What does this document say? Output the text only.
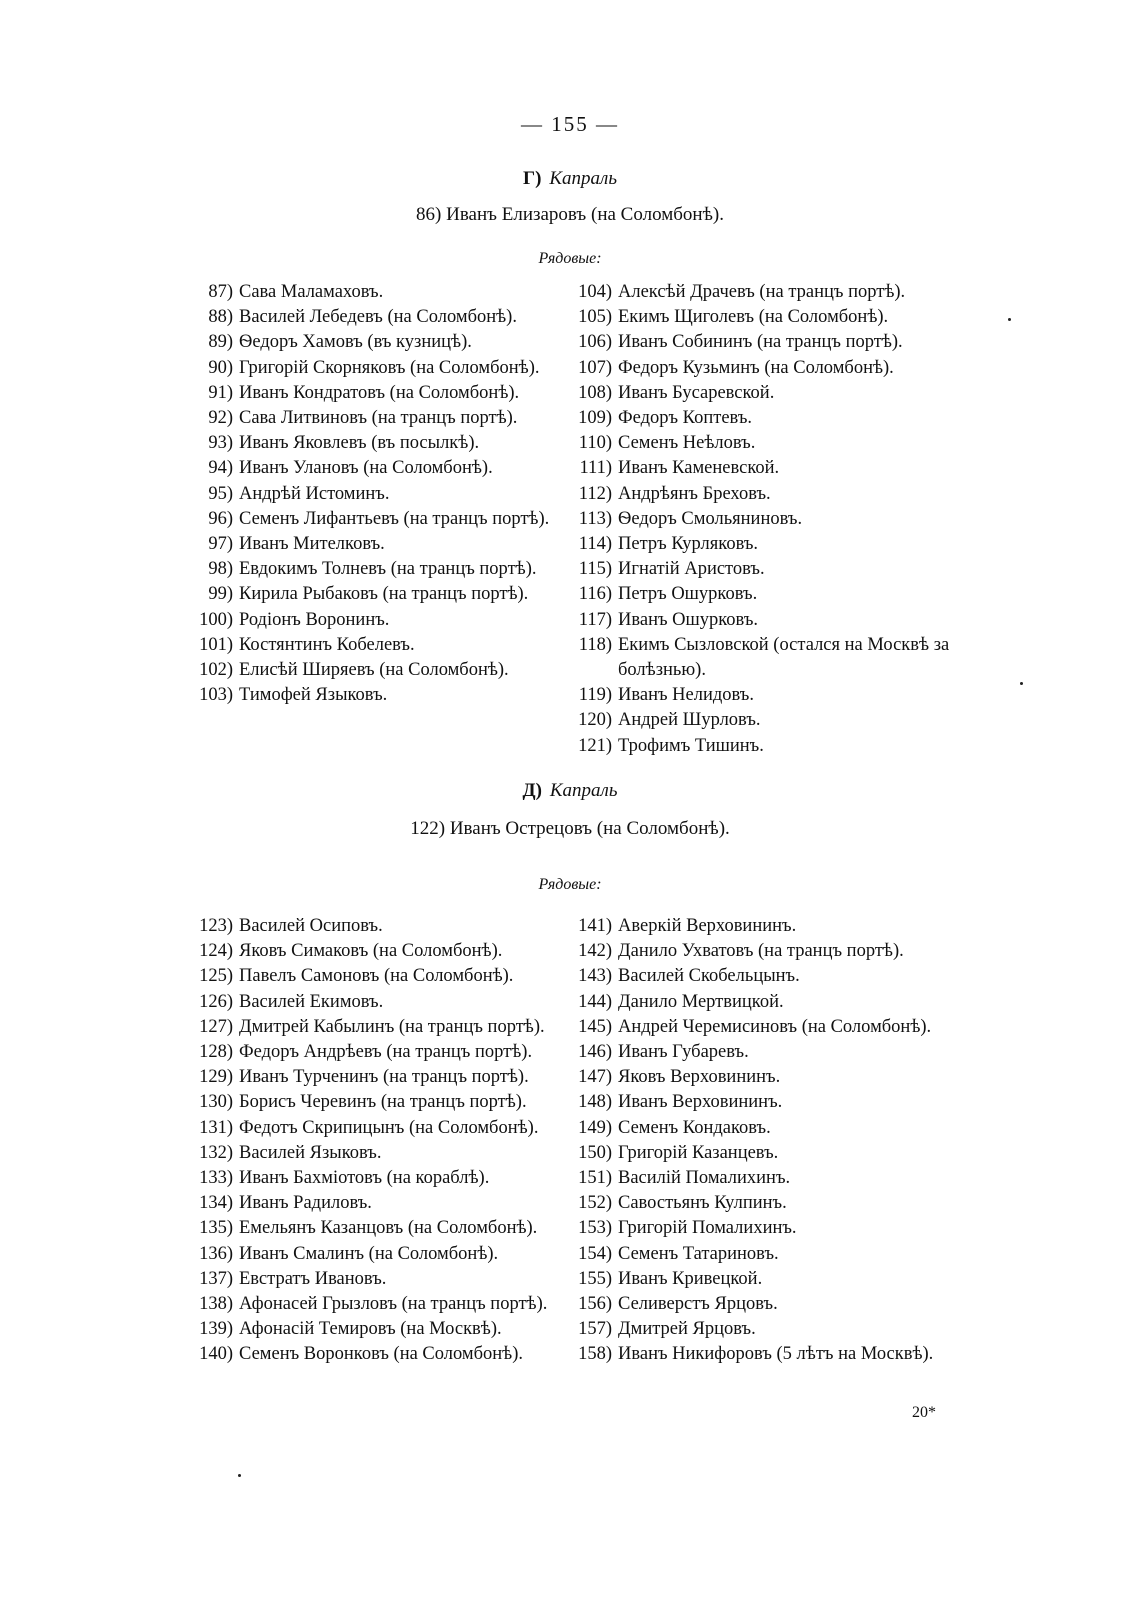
— 155 —
Г) Капраль
86) Иванъ Елизаровъ (на Соломбонѣ).
Рядовые:
87) Сава Маламаховъ.
88) Василей Лебедевъ (на Соломбонѣ).
89) Ѳедоръ Хамовъ (въ кузницѣ).
90) Григорій Скорняковъ (на Соломбонѣ).
91) Иванъ Кондратовъ (на Соломбонѣ).
92) Сава Литвиновъ (на транцъ портѣ).
93) Иванъ Яковлевъ (въ посылкѣ).
94) Иванъ Улановъ (на Соломбонѣ).
95) Андрѣй Истоминъ.
96) Семенъ Лифантьевъ (на транцъ портѣ).
97) Иванъ Мителковъ.
98) Евдокимъ Толневъ (на транцъ портѣ).
99) Кирила Рыбаковъ (на транцъ портѣ).
100) Родіонъ Воронинъ.
101) Костянтинъ Кобелевъ.
102) Елисѣй Ширяевъ (на Соломбонѣ).
103) Тимофей Языковъ.
104) Алексѣй Драчевъ (на транцъ портѣ).
105) Екимъ Щиголевъ (на Соломбонѣ).
106) Иванъ Собининъ (на транцъ портѣ).
107) Федоръ Кузьминъ (на Соломбонѣ).
108) Иванъ Бусаревской.
109) Федоръ Коптевъ.
110) Семенъ Неѣловъ.
111) Иванъ Каменевской.
112) Андрѣянъ Бреховъ.
113) Ѳедоръ Смольяниновъ.
114) Петръ Курляковъ.
115) Игнатій Аристовъ.
116) Петръ Ошурковъ.
117) Иванъ Ошурковъ.
118) Екимъ Сызловской (остался на Москвѣ за болѣзнью).
119) Иванъ Нелидовъ.
120) Андрей Шурловъ.
121) Трофимъ Тишинъ.
Д) Капраль
122) Иванъ Острецовъ (на Соломбонѣ).
Рядовые:
123) Василей Осиповъ.
124) Яковъ Симаковъ (на Соломбонѣ).
125) Павелъ Самоновъ (на Соломбонѣ).
126) Василей Екимовъ.
127) Дмитрей Кабылинъ (на транцъ портѣ).
128) Федоръ Андрѣевъ (на транцъ портѣ).
129) Иванъ Турченинъ (на транцъ портѣ).
130) Борисъ Черевинъ (на транцъ портѣ).
131) Федотъ Скрипицынъ (на Соломбонѣ).
132) Василей Языковъ.
133) Иванъ Бахміотовъ (на кораблѣ).
134) Иванъ Радиловъ.
135) Емельянъ Казанцовъ (на Соломбонѣ).
136) Иванъ Смалинъ (на Соломбонѣ).
137) Евстратъ Ивановъ.
138) Афонасей Грызловъ (на транцъ портѣ).
139) Афонасій Темировъ (на Москвѣ).
140) Семенъ Воронковъ (на Соломбонѣ).
141) Аверкій Верховининъ.
142) Данило Ухватовъ (на транцъ портѣ).
143) Василей Скобельцынъ.
144) Данило Мертвицкой.
145) Андрей Черемисиновъ (на Соломбонѣ).
146) Иванъ Губаревъ.
147) Яковъ Верховининъ.
148) Иванъ Верховининъ.
149) Семенъ Кондаковъ.
150) Григорій Казанцевъ.
151) Василій Помалихинъ.
152) Савостьянъ Кулпинъ.
153) Григорій Помалихинъ.
154) Семенъ Татариновъ.
155) Иванъ Кривецкой.
156) Селиверстъ Ярцовъ.
157) Дмитрей Ярцовъ.
158) Иванъ Никифоровъ (5 лѣтъ на Москвѣ).
20*
